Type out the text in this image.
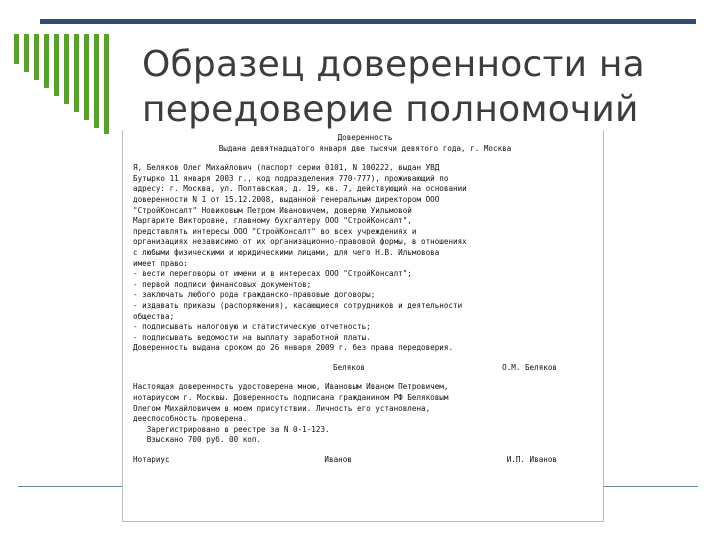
Образец доверенности на
передоверие полномочий
Доверенность
Выдана девятнадцатого января две тысячи девятого года, г. Москва
Я, Беляков Олег Михайлович (паспорт серии 0101, N 100222, выдан УВД
Бутырко 11 января 2003 г., код подразделения 770-777), проживающий по
адресу: г. Москва, ул. Полтавская, д. 19, кв. 7, действующий на основании
доверенности N 1 от 15.12.2008, выданной генеральным директором ООО
"СтройКонсалт" Новиковым Петром Ивановичем, доверяю Уильмовой
Маргарите Викторовне, главному бухгалтеру ООО "СтройКонсалт",
представлять интересы ООО "СтройКонсалт" во всех учреждениях и
организациях независимо от их организационно-правовой формы, в отношениях
с любыми физическими и юридическими лицами, для чего Н.В. Ильмовова
имеет право:
- вести переговоры от имени и в интересах ООО "СтройКонсалт";
- первой подписи финансовых документов;
- заключать любого рода гражданско-правовые договоры;
- издавать приказы (распоряжения), касающиеся сотрудников и деятельности
общества;
- подписывать налоговую и статистическую отчетность;
- подписывать ведомости на выплату заработной платы.
Доверенность выдана сроком до 26 января 2009 г. без права передоверия.
Беляков	О.М. Беляков
Настоящая доверенность удостоверена мною, Ивановым Иваном Петровичем,
нотариусом г. Москвы. Доверенность подписана гражданином РФ Беляковым
Олегом Михайловичем в моем присутствии. Личность его установлена,
дееспособность проверена.
Зарегистрировано в реестре за N 0-1-123.
Взыскано 700 руб. 00 коп.
Нотариус	Иванов	И.П. Иванов
